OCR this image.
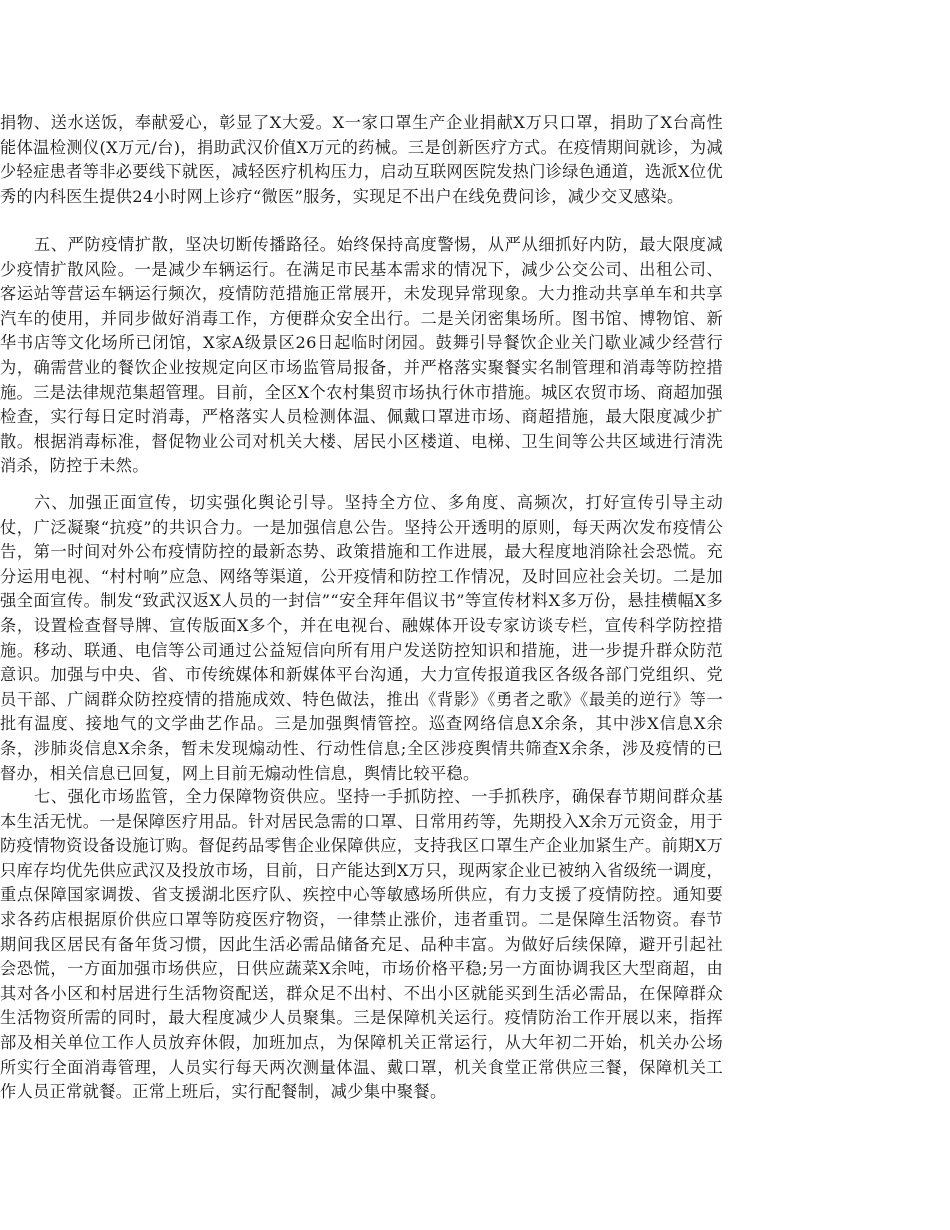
捐物、送水送饭，奉献爱心，彰显了X大爱。X一家口罩生产企业捐献X万只口罩，捐助了X台高性能体温检测仪(X万元/台)，捐助武汉价值X万元的药械。三是创新医疗方式。在疫情期间就诊，为减少轻症患者等非必要线下就医，减轻医疗机构压力，启动互联网医院发热门诊绿色通道，选派X位优秀的内科医生提供24小时网上诊疗“微医”服务，实现足不出户在线免费问诊，减少交叉感染。

五、严防疫情扩散，坚决切断传播路径。始终保持高度警惕，从严从细抓好内防，最大限度减少疫情扩散风险。一是减少车辆运行。在满足市民基本需求的情况下，减少公交公司、出租公司、客运站等营运车辆运行频次，疫情防范措施正常展开，未发现异常现象。大力推动共享单车和共享汽车的使用，并同步做好消毒工作，方便群众安全出行。二是关闭密集场所。图书馆、博物馆、新华书店等文化场所已闭馆，X家A级景区26日起临时闭园。鼓舞引导餐饮企业关门歇业减少经营行为，确需营业的餐饮企业按规定向区市场监管局报备，并严格落实聚餐实名制管理和消毒等防控措施。三是法律规范集超管理。目前，全区X个农村集贸市场执行休市措施。城区农贸市场、商超加强检查，实行每日定时消毒，严格落实人员检测体温、佩戴口罩进市场、商超措施，最大限度减少扩散。根据消毒标准，督促物业公司对机关大楼、居民小区楼道、电梯、卫生间等公共区域进行清洗消杀，防控于未然。

六、加强正面宣传，切实强化舆论引导。坚持全方位、多角度、高频次，打好宣传引导主动仗，广泛凝聚“抗疫”的共识合力。一是加强信息公告。坚持公开透明的原则，每天两次发布疫情公告，第一时间对外公布疫情防控的最新态势、政策措施和工作进展，最大程度地消除社会恐慌。充分运用电视、“村村响”应急、网络等渠道，公开疫情和防控工作情况，及时回应社会关切。二是加强全面宣传。制发“致武汉返X人员的一封信”“安全拜年倡议书”等宣传材料X多万份，悬挂横幅X多条，设置检查督导牌、宣传版面X多个，并在电视台、融媒体开设专家访谈专栏，宣传科学防控措施。移动、联通、电信等公司通过公益短信向所有用户发送防控知识和措施，进一步提升群众防范意识。加强与中央、省、市传统媒体和新媒体平台沟通，大力宣传报道我区各级各部门党组织、党员干部、广阔群众防控疫情的措施成效、特色做法，推出《背影》《勇者之歌》《最美的逆行》等一批有温度、接地气的文学曲艺作品。三是加强舆情管控。巡查网络信息X余条，其中涉X信息X余条，涉肺炎信息X余条，暂未发现煽动性、行动性信息;全区涉疫舆情共筛查X余条，涉及疫情的已督办，相关信息已回复，网上目前无煽动性信息，舆情比较平稳。

七、强化市场监管，全力保障物资供应。坚持一手抓防控、一手抓秩序，确保春节期间群众基本生活无忧。一是保障医疗用品。针对居民急需的口罩、日常用药等，先期投入X余万元资金，用于防疫情物资设备设施订购。督促药品零售企业保障供应，支持我区口罩生产企业加紧生产。前期X万只库存均优先供应武汉及投放市场，目前，日产能达到X万只，现两家企业已被纳入省级统一调度，重点保障国家调拨、省支援湖北医疗队、疾控中心等敏感场所供应，有力支援了疫情防控。通知要求各药店根据原价供应口罩等防疫医疗物资，一律禁止涨价，违者重罚。二是保障生活物资。春节期间我区居民有备年货习惯，因此生活必需品储备充足、品种丰富。为做好后续保障，避开引起社会恐慌，一方面加强市场供应，日供应蔬菜X余吨，市场价格平稳;另一方面协调我区大型商超，由其对各小区和村居进行生活物资配送，群众足不出村、不出小区就能买到生活必需品，在保障群众生活物资所需的同时，最大程度减少人员聚集。三是保障机关运行。疫情防治工作开展以来，指挥部及相关单位工作人员放弃休假，加班加点，为保障机关正常运行，从大年初二开始，机关办公场所实行全面消毒管理，人员实行每天两次测量体温、戴口罩，机关食堂正常供应三餐，保障机关工作人员正常就餐。正常上班后，实行配餐制，减少集中聚餐。
